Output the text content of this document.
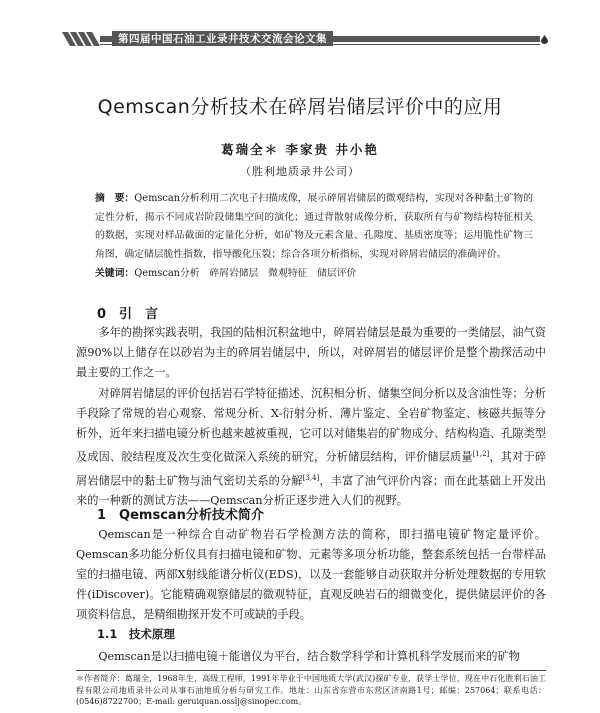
第四届中国石油工业录井技术交流会论文集
Qemscan分析技术在碎屑岩储层评价中的应用
葛瑞全＊ 李家贵 井小艳
（胜利地质录井公司）
摘　要：Qemscan分析利用二次电子扫描成像，展示碎屑岩储层的微观结构，实现对各种黏土矿物的定性分析，揭示不同成岩阶段储集空间的演化；通过背散射成像分析，获取所有与矿物结构特征相关的数据，实现对样品截面的定量化分析，如矿物及元素含量、孔隙度、基质密度等；运用脆性矿物三角图，确定储层脆性指数，指导酸化压裂；综合各项分析指标，实现对碎屑岩储层的准确评价。
关键词：Qemscan分析　碎屑岩储层　微观特征　储层评价
0　引　言
多年的勘探实践表明，我国的陆相沉积盆地中，碎屑岩储层是最为重要的一类储层，油气资源90%以上储存在以砂岩为主的碎屑岩储层中，所以，对碎屑岩的储层评价是整个勘探活动中最主要的工作之一。
对碎屑岩储层的评价包括岩石学特征描述、沉积相分析、储集空间分析以及含油性等；分析手段除了常规的岩心观察、常规分析、X-衍射分析、薄片鉴定、全岩矿物鉴定、核磁共振等分析外，近年来扫描电镜分析也越来越被重视，它可以对储集岩的矿物成分、结构构造、孔隙类型及成因、胶结程度及次生变化做深入系统的研究，分析储层结构，评价储层质量[1,2]，其对于碎屑岩储层中的黏土矿物与油气密切关系的分解[3,4]，丰富了油气评价内容；而在此基础上开发出来的一种新的测试方法——Qemscan分析正逐步进入人们的视野。
1　Qemscan分析技术简介
Qemscan是一种综合自动矿物岩石学检测方法的简称，即扫描电镜矿物定量评价。Qemscan多功能分析仪具有扫描电镜和矿物、元素等多项分析功能，整套系统包括一台带样品室的扫描电镜、两部X射线能谱分析仪(EDS)，以及一套能够自动获取并分析处理数据的专用软件(iDiscover)。它能精确观察储层的微观特征，直观反映岩石的细微变化，提供储层评价的各项资料信息，是精细勘探开发不可或缺的手段。
1.1　技术原理
Qemscan是以扫描电镜＋能谱仪为平台，结合数学科学和计算机科学发展而来的矿物
＊作者简介：葛瑞全，1968年生，高级工程师，1991年毕业于中国地质大学(武汉)探矿专业，获学士学位，现在中石化胜利石油工程有限公司地质录井公司从事石油地质分析与研究工作。地址：山东省东营市东营区济南路1号；邮编：257064；联系电话：(0546)8722700；E-mail: geruiquan.osslj@sinopec.com。
